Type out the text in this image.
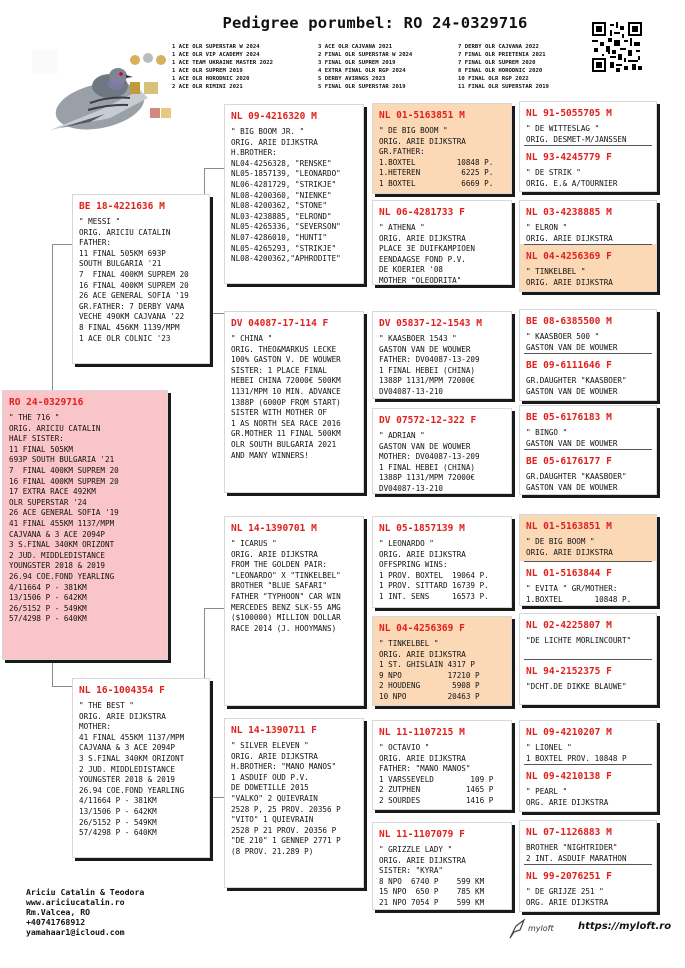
Pedigree porumbel: RO 24-0329716
1 ACE OLR SUPERSTAR W 2024
1 ACE OLR VIP ACADEMY 2024
1 ACE TEAM UKRAINE MASTER 2022
1 ACE OLR SUPREM 2019
1 ACE OLR HORODNIC 2020
2 ACE OLR RIMINI 2021
3 ACE OLR CAJVANA 2021
2 FINAL OLR SUPERSTAR W 2024
3 FINAL OLR SUPREM 2019
4 EXTRA FINAL OLR RGP 2024
5 DERBY AVIRNGS 2023
5 FINAL OLR SUPERSTAR 2019
7 DERBY OLR CAJVANA 2022
7 FINAL OLR PRIETENIA 2021
7 FINAL OLR SUPREM 2020
8 FINAL OLR HORODNIC 2020
10 FINAL OLR RGP 2022
11 FINAL OLR SUPERSTAR 2019
RO 24-0329716
" THE 716 "
ORIG. ARICIU CATALIN
HALF SISTER:
11 FINAL 505KM
693P SOUTH BULGARIA '21
7  FINAL 400KM SUPREM 20
16 FINAL 400KM SUPREM 20
17 EXTRA RACE 492KM
OLR SUPERSTAR '24
26 ACE GENERAL SOFIA '19
41 FINAL 455KM 1137/MPM
CAJVANA & 3 ACE 2094P
3 S.FINAL 340KM ORIZONT
2 JUD. MIDDLEDISTANCE
YOUNGSTER 2018 & 2019
26.94 COE.FOND YEARLING
4/11664 P - 381KM
13/1506 P - 642KM
26/5152 P - 549KM
57/4298 P - 640KM
BE 18-4221636 M
" MESSI "
ORIG. ARICIU CATALIN
FATHER:
11 FINAL 505KM 693P
SOUTH BULGARIA '21
7  FINAL 400KM SUPREM 20
16 FINAL 400KM SUPREM 20
26 ACE GENERAL SOFIA '19
GR.FATHER: 7 DERBY VAMA
VECHE 490KM CAJVANA '22
8 FINAL 456KM 1139/MPM
1 ACE OLR COLNIC '23
NL 16-1004354 F
" THE BEST "
ORIG. ARIE DIJKSTRA
MOTHER:
41 FINAL 455KM 1137/MPM
CAJVANA & 3 ACE 2094P
3 S.FINAL 340KM ORIZONT
2 JUD. MIDDLEDISTANCE
YOUNGSTER 2018 & 2019
26.94 COE.FOND YEARLING
4/11664 P - 381KM
13/1506 P - 642KM
26/5152 P - 549KM
57/4298 P - 640KM
NL 09-4216320 M
" BIG BOOM JR. "
ORIG. ARIE DIJKSTRA
H.BROTHER:
NL04-4256328, "RENSKE"
NL05-1857139, "LEONARDO"
NL06-4281729, "STRIKJE"
NL08-4200360, "NIENKE"
NL08-4200362, "STONE"
NL03-4238885, "ELROND"
NL05-4265336, "SEVERSON"
NL07-4286010, "HUNTI"
NL05-4265293, "STRIKJE"
NL08-4200362,"APHRODITE"
DV 04087-17-114 F
" CHINA "
ORIG. THEO&MARKUS LECKE
100% GASTON V. DE WOUWER
SISTER: 1 PLACE FINAL
HEBEI CHINA 72000€ 500KM
1131/MPM 10 MIN. ADVANCE
1388P (6000P FROM START)
SISTER WITH MOTHER OF
1 AS NORTH SEA RACE 2016
GR.MOTHER 11 FINAL 500KM
OLR SOUTH BULGARIA 2021
AND MANY WINNERS!
NL 14-1390701 M
" ICARUS "
ORIG. ARIE DIJKSTRA
FROM THE GOLDEN PAIR:
"LEONARDO" X "TINKELBEL"
BROTHER "BLUE SAFARI"
FATHER "TYPHOON" CAR WIN
MERCEDES BENZ SLK-55 AMG
($100000) MILLION DOLLAR
RACE 2014 (J. HOOYMANS)
NL 14-1390711 F
" SILVER ELEVEN "
ORIG. ARIE DIJKSTRA
H.BROTHER: "MANO MANOS"
1 ASDUIF OUD P.V.
DE DOWETILLE 2015
"VALKO" 2 QUIEVRAIN
2528 P, 25 PROV. 20356 P
"VITO" 1 QUIEVRAIN
2528 P 21 PROV. 20356 P
"DE 210" 1 GENNEP 2771 P
(8 PROV. 21.289 P)
NL 01-5163851 M
" DE BIG BOOM "
ORIG. ARIE DIJKSTRA
GR.FATHER:
1.BOXTEL         10848 P.
1.HETEREN         6225 P.
1 BOXTEL          6669 P.
NL 06-4281733 F
" ATHENA "
ORIG. ARIE DIJKSTRA
PLACE 3E DUIFKAMPIOEN
EENDAAGSE FOND P.V.
DE KOERIER '08
MOTHER "OLEODRITA"
DV 05837-12-1543 M
" KAASBOER 1543 "
GASTON VAN DE WOUWER
FATHER: DV04087-13-209
1 FINAL HEBEI (CHINA)
1388P 1131/MPM 72000€
DV04087-13-210
DV 07572-12-322 F
" ADRIAN "
GASTON VAN DE WOUWER
MOTHER: DV04087-13-209
1 FINAL HEBEI (CHINA)
1388P 1131/MPM 72000€
DV04087-13-210
NL 05-1857139 M
" LEONARDO "
ORIG. ARIE DIJKSTRA
OFFSPRING WINS:
1 PROV. BOXTEL  19064 P.
1 PROV. SITTARD 16739 P.
1 INT. SENS     16573 P.
NL 04-4256369 F
" TINKELBEL "
ORIG. ARIE DIJKSTRA
1 ST. GHISLAIN 4317 P
9 NPO          17210 P
2 HOUDENG       5908 P
10 NPO         20463 P
NL 11-1107215 M
" OCTAVIO "
ORIG. ARIE DIJKSTRA
FATHER: "MANO MANOS"
1 VARSSEVELD        109 P
2 ZUTPHEN          1465 P
2 SOURDES          1416 P
NL 11-1107079 F
" GRIZZLE LADY "
ORIG. ARIE DIJKSTRA
SISTER: "KYRA"
8 NPO  6740 P    599 KM
15 NPO  650 P    785 KM
21 NPO 7054 P    599 KM
NL 91-5055705 M
" DE WITTESLAG "
ORIG. DESMET-M/JANSSEN
NL 93-4245779 F
" DE STRIK "
ORIG. E.& A/TOURNIER
NL 03-4238885 M
" ELRON "
ORIG. ARIE DIJKSTRA
NL 04-4256369 F
" TINKELBEL "
ORIG. ARIE DIJKSTRA
BE 08-6385500 M
" KAASBOER 500 "
GASTON VAN DE WOUWER
BE 09-6111646 F
GR.DAUGHTER "KAASBOER"
GASTON VAN DE WOUWER
BE 05-6176183 M
" BINGO "
GASTON VAN DE WOUWER
BE 05-6176177 F
GR.DAUGHTER "KAASBOER"
GASTON VAN DE WOUWER
NL 01-5163851 M
" DE BIG BOOM "
ORIG. ARIE DIJKSTRA
NL 01-5163844 F
" EVITA " GR/MOTHER:
1.BOXTEL       10848 P.
NL 02-4225807 M
"DE LICHTE MORLINCOURT"
NL 94-2152375 F
"DCHT.DE DIKKE BLAUWE"
NL 09-4210207 M
" LIONEL "
1 BOXTEL PROV. 10848 P
NL 09-4210138 F
" PEARL "
ORG. ARIE DIJKSTRA
NL 07-1126883 M
BROTHER "NIGHTRIDER"
2 INT. ASDUIF MARATHON
NL 99-2076251 F
" DE GRIJZE 251 "
ORG. ARIE DIJKSTRA
Ariciu Catalin & Teodora
www.ariciucatalin.ro
Rm.Valcea, RO
+40741768912
yamahaar1@icloud.com	myloft https://myloft.ro
